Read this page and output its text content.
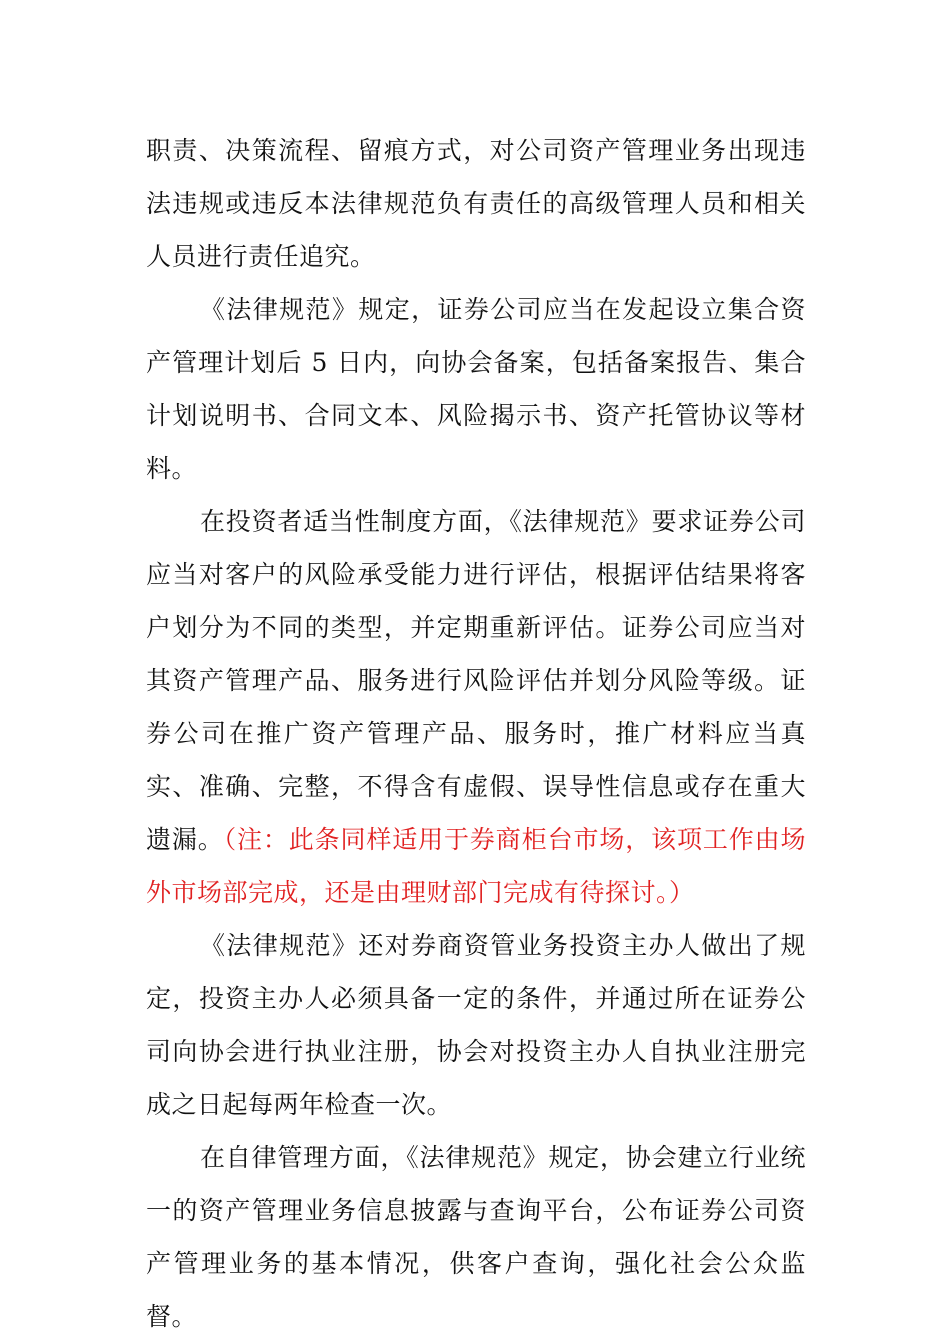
职责、决策流程、留痕方式，对公司资产管理业务出现违法违规或违反本法律规范负有责任的高级管理人员和相关人员进行责任追究。

《法律规范》规定，证券公司应当在发起设立集合资产管理计划后 5 日内，向协会备案，包括备案报告、集合计划说明书、合同文本、风险揭示书、资产托管协议等材料。

在投资者适当性制度方面，《法律规范》要求证券公司应当对客户的风险承受能力进行评估，根据评估结果将客户划分为不同的类型，并定期重新评估。证券公司应当对其资产管理产品、服务进行风险评估并划分风险等级。证券公司在推广资产管理产品、服务时，推广材料应当真实、准确、完整，不得含有虚假、误导性信息或存在重大遗漏。（注：此条同样适用于券商柜台市场，该项工作由场外市场部完成，还是由理财部门完成有待探讨。）

《法律规范》还对券商资管业务投资主办人做出了规定，投资主办人必须具备一定的条件，并通过所在证券公司向协会进行执业注册，协会对投资主办人自执业注册完成之日起每两年检查一次。

在自律管理方面，《法律规范》规定，协会建立行业统一的资产管理业务信息披露与查询平台，公布证券公司资产管理业务的基本情况，供客户查询，强化社会公众监督。
